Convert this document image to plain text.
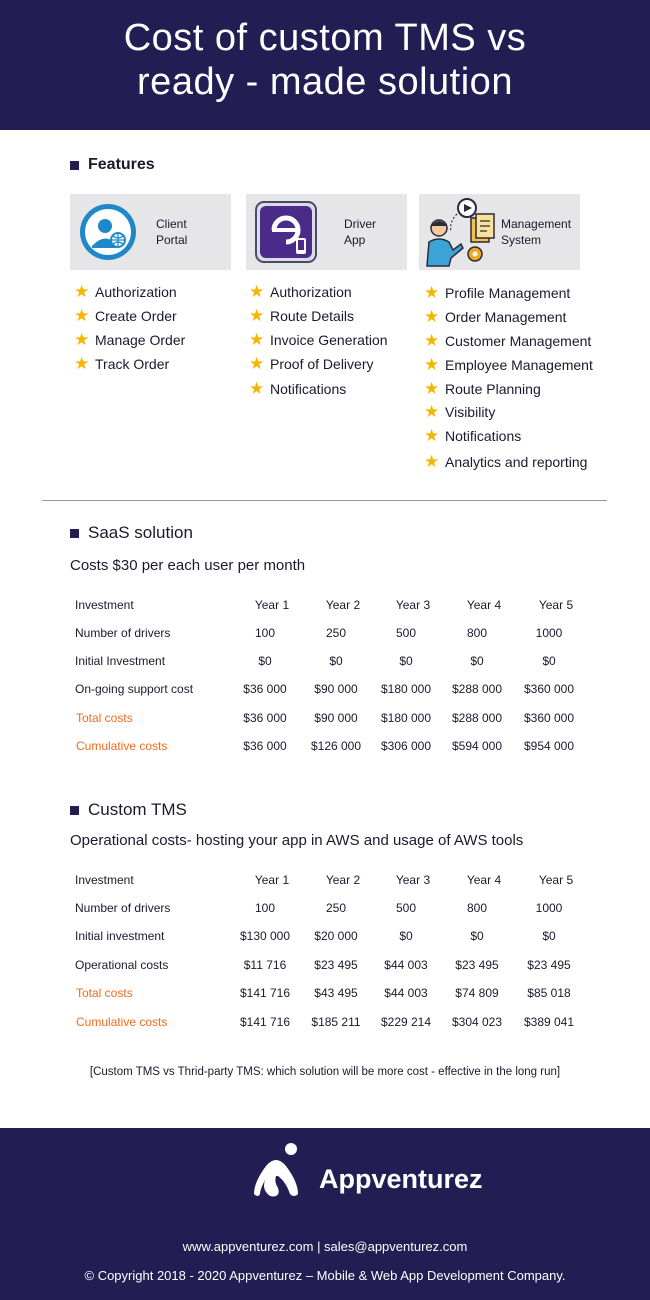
Cost of custom TMS vs
ready - made solution
Features
Client
Portal
Driver
App
Management
System
★ Authorization
★ Create Order
★ Manage Order
★ Track Order
★ Authorization
★ Route Details
★ Invoice Generation
★ Proof of Delivery
★ Notifications
★ Profile Management
★ Order Management
★ Customer Management
★ Employee Management
★ Route Planning
★ Visibility
★ Notifications
★ Analytics and reporting
SaaS solution
Costs $30 per each user per month
Investment	Year 1	Year 2	Year 3	Year 4	Year 5
Number of drivers	100	250	500	800	1000
Initial Investment	$0	$0	$0	$0	$0
On-going support cost	$36 000	$90 000	$180 000	$288 000	$360 000
Total costs	$36 000	$90 000	$180 000	$288 000	$360 000
Cumulative costs	$36 000	$126 000	$306 000	$594 000	$954 000
Custom TMS
Operational costs- hosting your app in AWS and usage of AWS tools
Investment	Year 1	Year 2	Year 3	Year 4	Year 5
Number of drivers	100	250	500	800	1000
Initial investment	$130 000	$20 000	$0	$0	$0
Operational costs	$11 716	$23 495	$44 003	$23 495	$23 495
Total costs	$141 716	$43 495	$44 003	$74 809	$85 018
Cumulative costs	$141 716	$185 211	$229 214	$304 023	$389 041
[Custom TMS vs Thrid-party TMS: which solution will be more cost - effective in the long run]
Appventurez
www.appventurez.com | sales@appventurez.com
© Copyright 2018 - 2020 Appventurez – Mobile & Web App Development Company.
